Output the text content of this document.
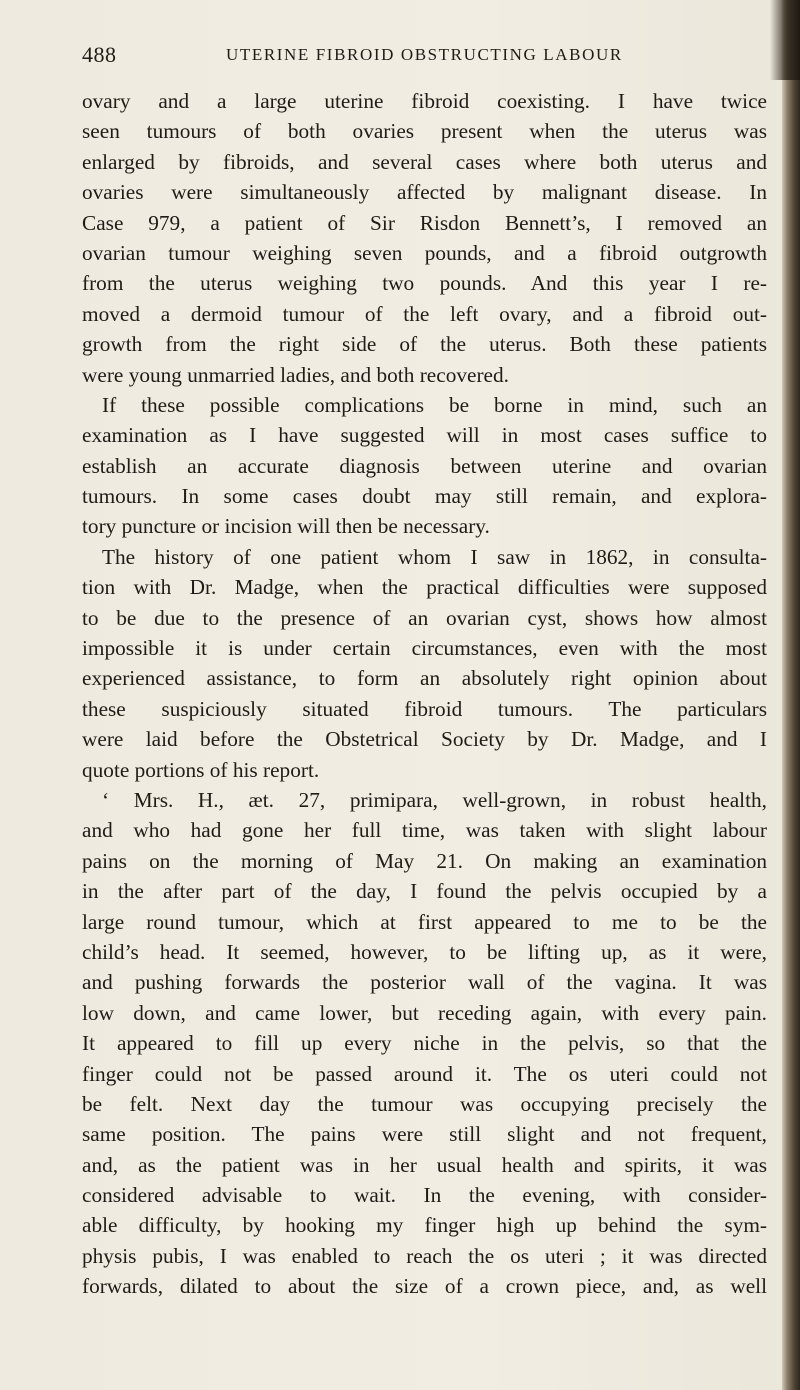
488	UTERINE FIBROID OBSTRUCTING LABOUR
ovary and a large uterine fibroid coexisting. I have twice
seen tumours of both ovaries present when the uterus was
enlarged by fibroids, and several cases where both uterus and
ovaries were simultaneously affected by malignant disease. In
Case 979, a patient of Sir Risdon Bennett’s, I removed an
ovarian tumour weighing seven pounds, and a fibroid outgrowth
from the uterus weighing two pounds. And this year I re-
moved a dermoid tumour of the left ovary, and a fibroid out-
growth from the right side of the uterus. Both these patients
were young unmarried ladies, and both recovered.
If these possible complications be borne in mind, such an
examination as I have suggested will in most cases suffice to
establish an accurate diagnosis between uterine and ovarian
tumours. In some cases doubt may still remain, and explora-
tory puncture or incision will then be necessary.
The history of one patient whom I saw in 1862, in consulta-
tion with Dr. Madge, when the practical difficulties were supposed
to be due to the presence of an ovarian cyst, shows how almost
impossible it is under certain circumstances, even with the most
experienced assistance, to form an absolutely right opinion about
these suspiciously situated fibroid tumours. The particulars
were laid before the Obstetrical Society by Dr. Madge, and I
quote portions of his report.
‘ Mrs. H., æt. 27, primipara, well-grown, in robust health,
and who had gone her full time, was taken with slight labour
pains on the morning of May 21. On making an examination
in the after part of the day, I found the pelvis occupied by a
large round tumour, which at first appeared to me to be the
child’s head. It seemed, however, to be lifting up, as it were,
and pushing forwards the posterior wall of the vagina. It was
low down, and came lower, but receding again, with every pain.
It appeared to fill up every niche in the pelvis, so that the
finger could not be passed around it. The os uteri could not
be felt. Next day the tumour was occupying precisely the
same position. The pains were still slight and not frequent,
and, as the patient was in her usual health and spirits, it was
considered advisable to wait. In the evening, with consider-
able difficulty, by hooking my finger high up behind the sym-
physis pubis, I was enabled to reach the os uteri ; it was directed
forwards, dilated to about the size of a crown piece, and, as well
